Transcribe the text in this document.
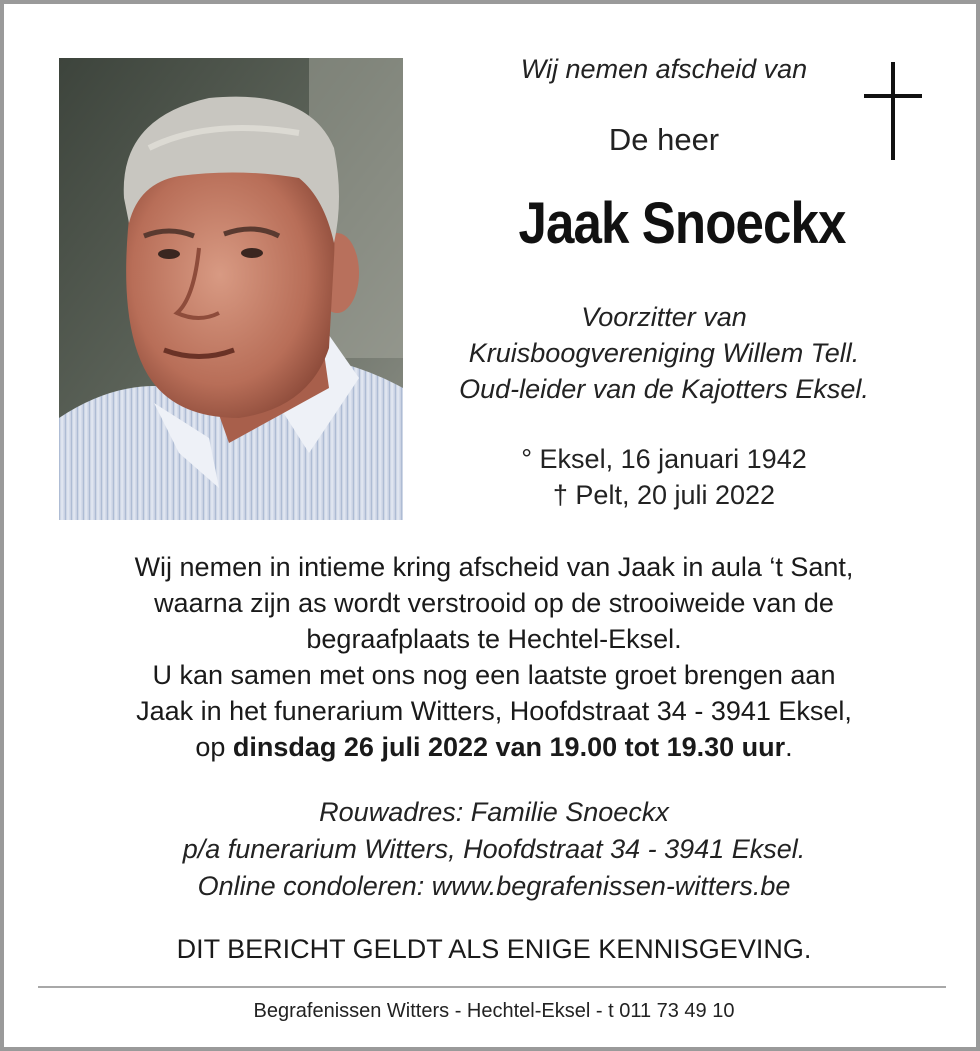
Wij nemen afscheid van
De heer
Jaak Snoeckx
Voorzitter van
Kruisboogvereniging Willem Tell.
Oud-leider van de Kajotters Eksel.
° Eksel, 16 januari 1942
† Pelt, 20 juli 2022
Wij nemen in intieme kring afscheid van Jaak in aula ‘t Sant,
waarna zijn as wordt verstrooid op de strooiweide van de
begraafplaats te Hechtel-Eksel.
U kan samen met ons nog een laatste groet brengen aan
Jaak in het funerarium Witters, Hoofdstraat 34 - 3941 Eksel,
op dinsdag 26 juli 2022 van 19.00 tot 19.30 uur.
Rouwadres: Familie Snoeckx
p/a funerarium Witters, Hoofdstraat 34 - 3941 Eksel.
Online condoleren: www.begrafenissen-witters.be
DIT BERICHT GELDT ALS ENIGE KENNISGEVING.
Begrafenissen Witters - Hechtel-Eksel - t 011 73 49 10
